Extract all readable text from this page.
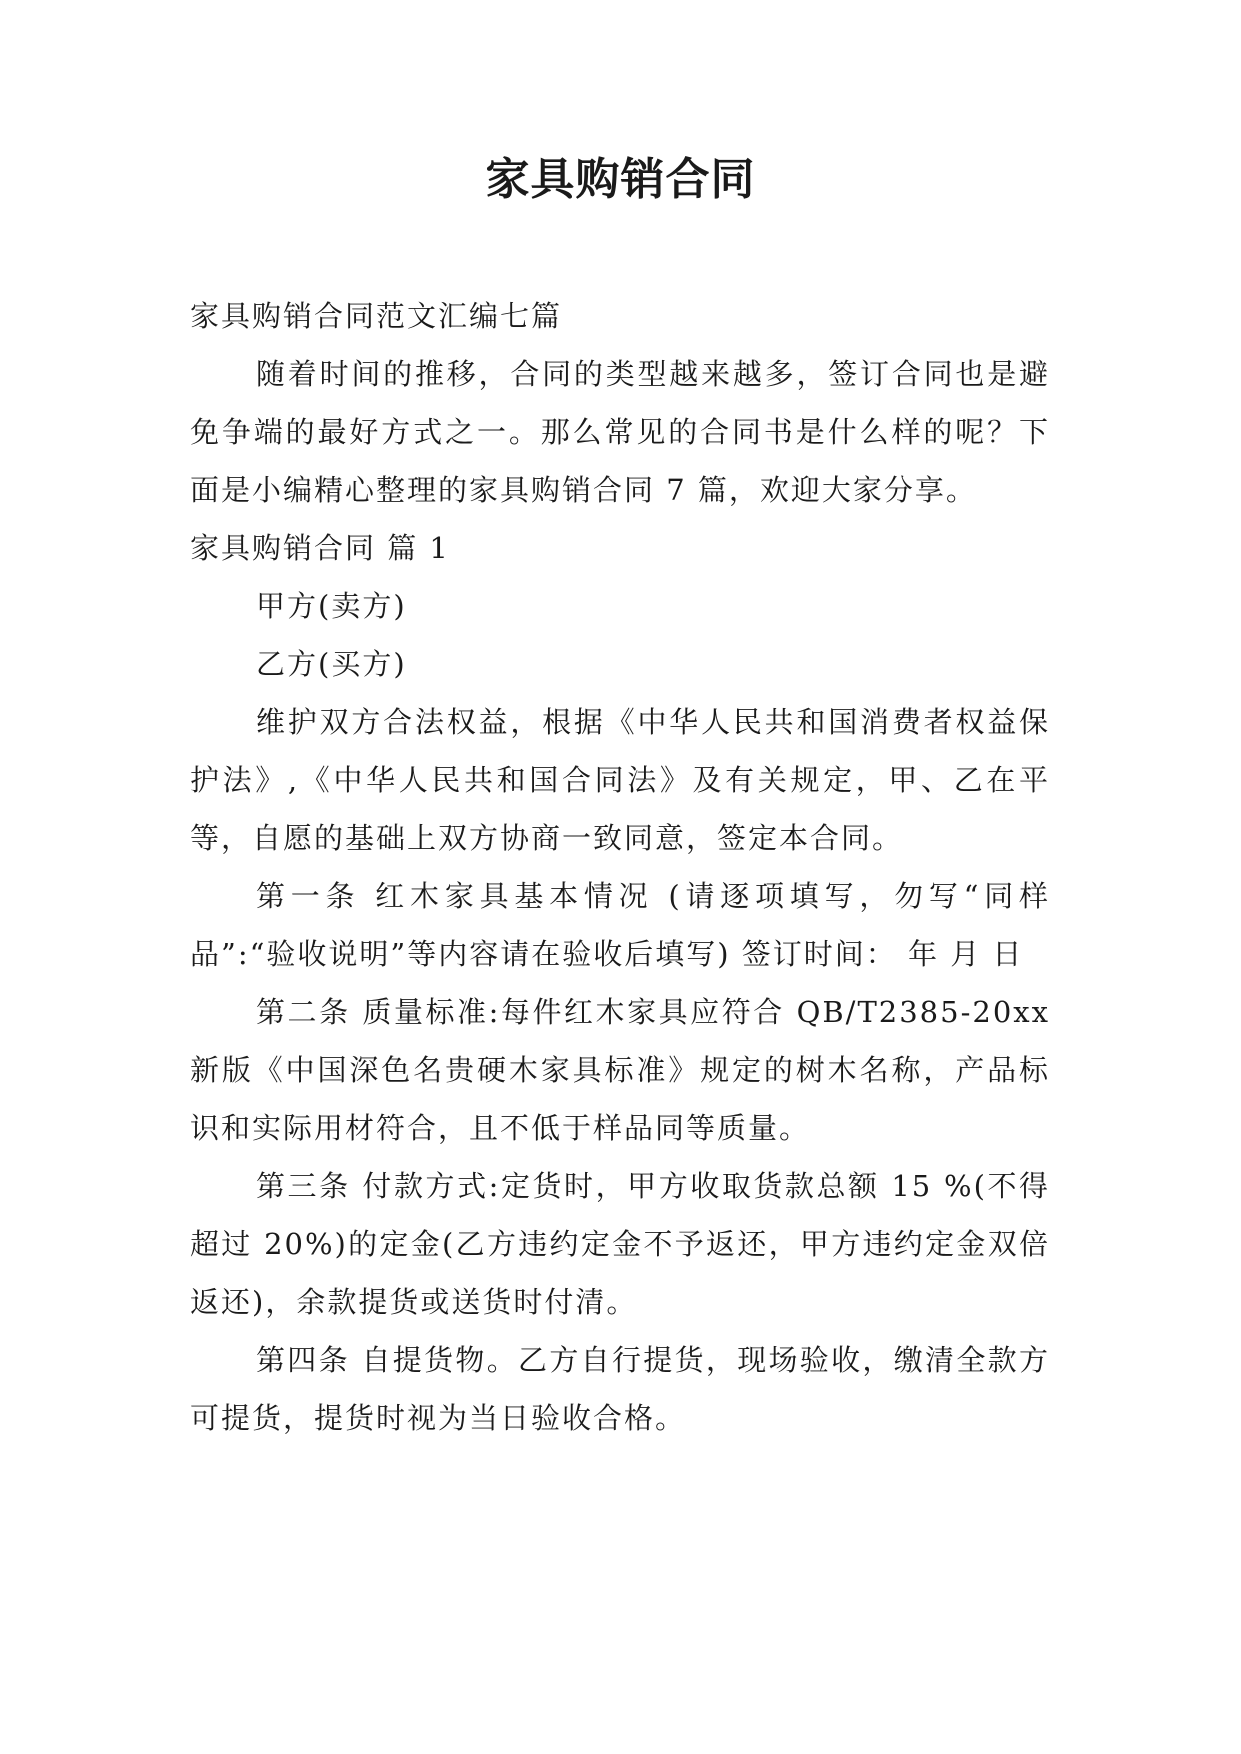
家具购销合同

家具购销合同范文汇编七篇

随着时间的推移，合同的类型越来越多，签订合同也是避免争端的最好方式之一。那么常见的合同书是什么样的呢？下面是小编精心整理的家具购销合同 7 篇，欢迎大家分享。

家具购销合同 篇 1

甲方(卖方)

乙方(买方)

维护双方合法权益，根据《中华人民共和国消费者权益保护法》,《中华人民共和国合同法》及有关规定，甲、乙在平等，自愿的基础上双方协商一致同意，签定本合同。

第一条 红木家具基本情况 (请逐项填写，勿写“同样品”:“验收说明”等内容请在验收后填写) 签订时间： 年 月 日

第二条 质量标准:每件红木家具应符合 QB/T2385-20xx 新版《中国深色名贵硬木家具标准》规定的树木名称，产品标识和实际用材符合，且不低于样品同等质量。

第三条 付款方式:定货时，甲方收取货款总额 15 %(不得超过 20%)的定金(乙方违约定金不予返还，甲方违约定金双倍返还)，余款提货或送货时付清。

第四条 自提货物。乙方自行提货，现场验收，缴清全款方可提货，提货时视为当日验收合格。
